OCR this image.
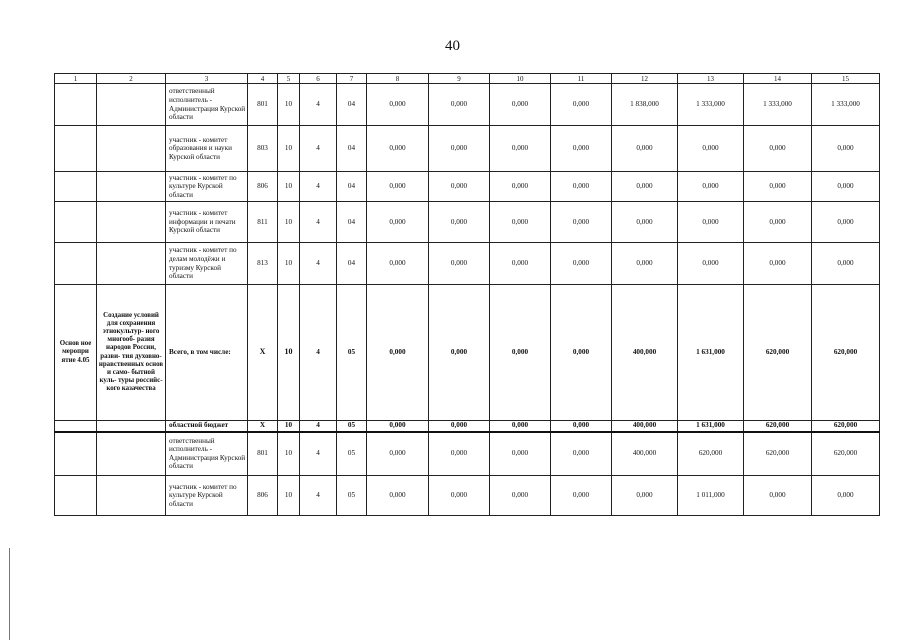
40
1	2	3	4	5	6	7	8	9	10	11	12	13	14	15
		ответственный исполнитель - Администрация Курской области	801	10	4	04	0,000	0,000	0,000	0,000	1 838,000	1 333,000	1 333,000	1 333,000
		участник - комитет образования и науки Курской области	803	10	4	04	0,000	0,000	0,000	0,000	0,000	0,000	0,000	0,000
		участник - комитет по культуре Курской области	806	10	4	04	0,000	0,000	0,000	0,000	0,000	0,000	0,000	0,000
		участник - комитет информации и печати Курской области	811	10	4	04	0,000	0,000	0,000	0,000	0,000	0,000	0,000	0,000
		участник - комитет по делам молодёжи и туризму Курской области	813	10	4	04	0,000	0,000	0,000	0,000	0,000	0,000	0,000	0,000
Основ ное меропри ятие 4.05	Создание условий для сохранения этнокультур- ного многооб- разия народов России, разви- тия духовно- нравственных основ и само- бытной куль- туры российс- кого казачества	Всего, в том числе:	Х	10	4	05	0,000	0,000	0,000	0,000	400,000	1 631,000	620,000	620,000
		областной бюджет	Х	10	4	05	0,000	0,000	0,000	0,000	400,000	1 631,000	620,000	620,000
		ответственный исполнитель - Администрация Курской области	801	10	4	05	0,000	0,000	0,000	0,000	400,000	620,000	620,000	620,000
		участник - комитет по культуре Курской области	806	10	4	05	0,000	0,000	0,000	0,000	0,000	1 011,000	0,000	0,000
